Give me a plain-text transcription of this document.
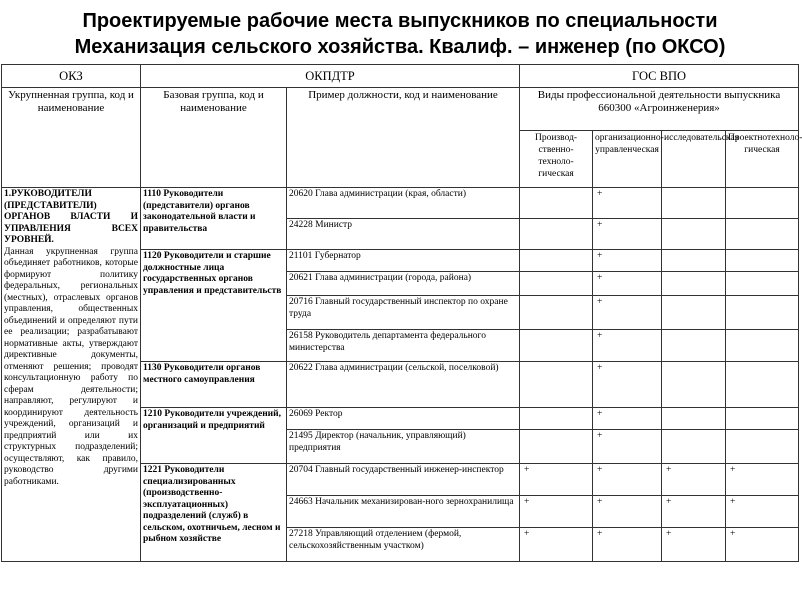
Проектируемые рабочие места выпускников по специальности
Механизация сельского хозяйства. Квалиф. – инженер (по ОКСО)
ОКЗ	ОКПДТР		ГОС ВПО			
Укрупненная группа, код и наименование	Базовая группа, код и наименование	Пример должности, код и наименование	Виды профессиональной деятельности выпускника 660300 «Агроинженерия»			
			Производ-ственно-техноло-гическая	организационно-управленческая	исследовательская	Проектнотехноло-гическая

1.РУКОВОДИТЕЛИ (ПРЕДСТАВИТЕЛИ) ОРГАНОВ ВЛАСТИ И УПРАВЛЕНИЯ ВСЕХ УРОВНЕЙ.
Данная укрупненная группа объединяет работников, которые формируют политику федеральных, региональных (местных), отраслевых органов управления, общественных объединений и определяют пути ее реализации; разрабатывают нормативные акты, утверждают директивные документы, отменяют решения; проводят консультационную работу по сферам деятельности; направляют, регулируют и координируют деятельность учреждений, организаций и предприятий или их структурных подразделений; осуществляют, как правило, руководство другими работниками.	1110 Руководители (представители) органов законодательной власти и правительства	20620 Глава администрации (края, области)		+		
		24228 Министр		+		
	1120 Руководители и старшие должностные лица государственных органов управления и представительств	21101 Губернатор		+		
		20621 Глава администрации (города, района)		+		
		20716 Главный государственный инспектор по охране труда		+		
		26158 Руководитель департамента федерального министерства		+		
	1130 Руководители органов местного самоуправления	20622 Глава администрации (сельской, поселковой)		+		
	1210 Руководители учреждений, организаций и предприятий	26069 Ректор		+		
		21495 Директор (начальник, управляющий) предприятия		+		
	1221 Руководители специализированных (производственно-эксплуатационных) подразделений (служб) в сельском, охотничьем, лесном и рыбном хозяйстве	20704 Главный государственный инженер-инспектор	+	+	+	+
		24663 Начальник механизирован-ного зернохранилища	+	+	+	+
		27218 Управляющий отделением (фермой, сельскохозяйственным участком)	+	+	+	+
